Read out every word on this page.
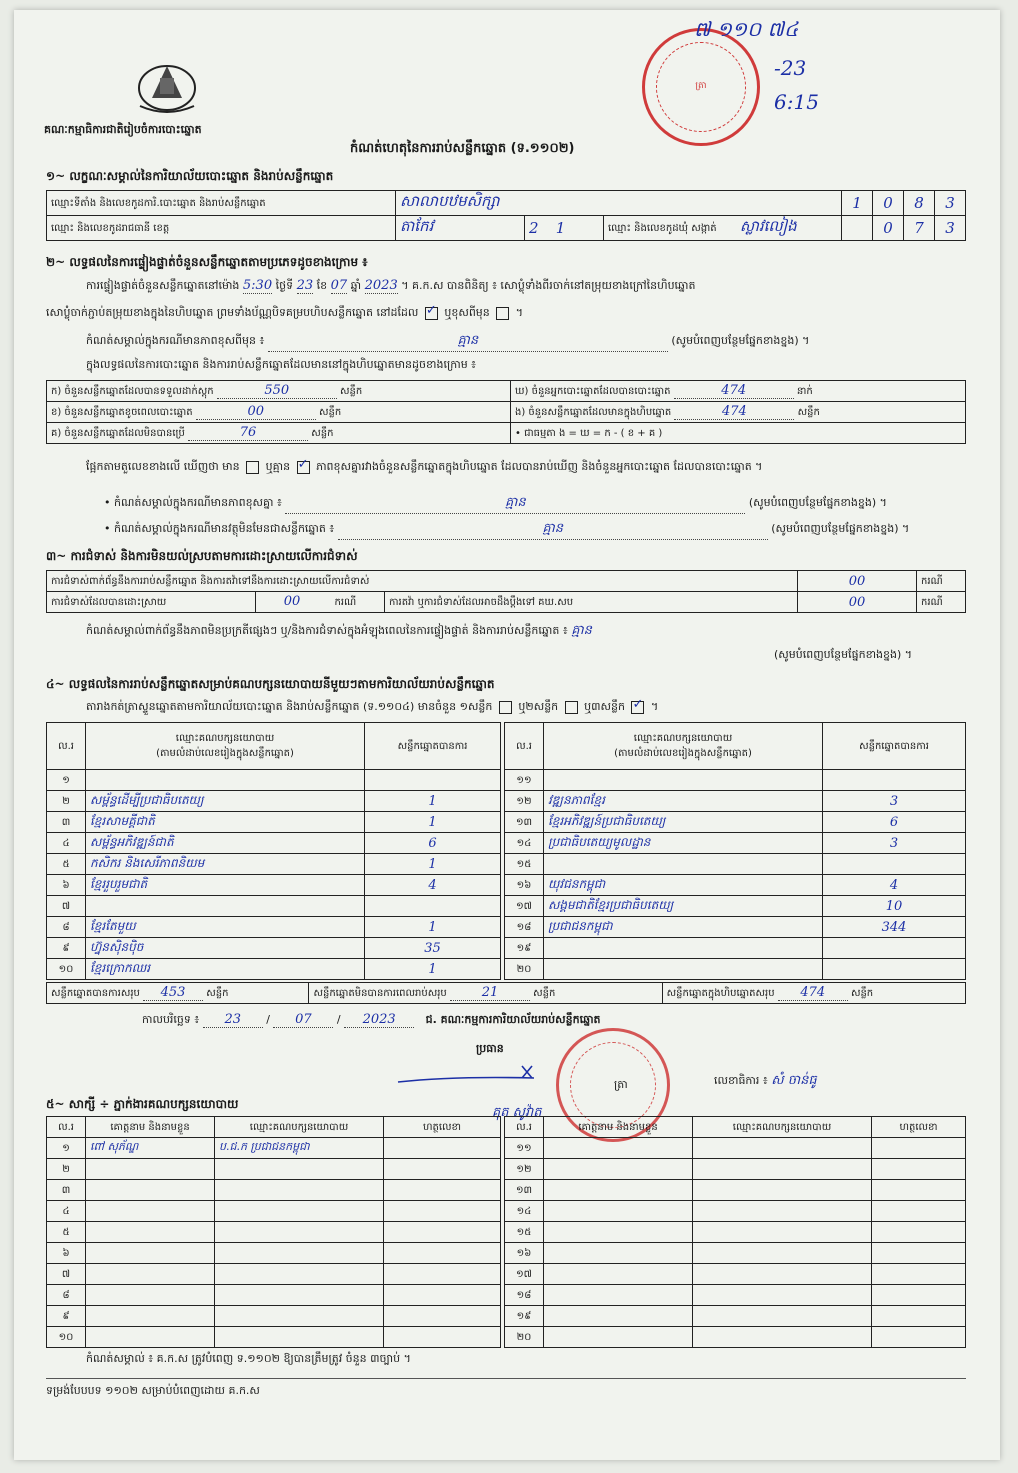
គណៈកម្មាធិការជាតិរៀបចំការបោះឆ្នោត
ត្រា
៧ ១១០ ៧៤
-23
6:15
កំណត់ហេតុនៃការរាប់សន្លឹកឆ្នោត (ទ.១១០២)
១~ លក្ខណៈសម្គាល់នៃការិយាល័យបោះឆ្នោត និងរាប់សន្លឹកឆ្នោត
ឈ្មោះទីតាំង និងលេខកូដការិ.បោះឆ្នោត និងរាប់សន្លឹកឆ្នោត	សាលាបឋមសិក្សា			1	0	8	3
ឈ្មោះ និងលេខកូដរាជធានី ខេត្ត	តាកែវ	2 1	ឈ្មោះ និងលេខកូដឃុំ សង្កាត់ ស្លាវលៀង		0	7	3
២~ លទ្ធផលនៃការផ្ទៀងផ្ទាត់ចំនួនសន្លឹកឆ្នោតតាមប្រភេទដូចខាងក្រោម ៖
ការផ្ទៀងផ្ទាត់ចំនួនសន្លឹកឆ្នោតនៅម៉ោង 5:30 ថ្ងៃទី 23 ខែ 07 ឆ្នាំ 2023 ។ គ.ក.ស បានពិនិត្យ ៖ សោប្លុំទាំងពីរចាក់នៅតម្រុយខាងក្រៅនៃហិបឆ្នោត
សោប្លុំចាក់ភ្ជាប់តម្រុយខាងក្នុងនៃហិបឆ្នោត ព្រមទាំងប័ណ្ណបិទគម្របហិបសន្លឹកឆ្នោត នៅដដែល ✓ ឬខុសពីមុន  ។
កំណត់សម្គាល់ក្នុងករណីមានភាពខុសពីមុន ៖	គ្មាន	(សូមបំពេញបន្ថែមផ្នែកខាងខ្នង) ។
ក្នុងលទ្ធផលនៃការបោះឆ្នោត និងការរាប់សន្លឹកឆ្នោតដែលមាននៅក្នុងហិបឆ្នោតមានដូចខាងក្រោម ៖
ក) ចំនួនសន្លឹកឆ្នោតដែលបានទទួលដាក់ស្តុក 550 សន្លឹក	ឃ) ចំនួនអ្នកបោះឆ្នោតដែលបានបោះឆ្នោត 474 នាក់
ខ) ចំនួនសន្លឹកឆ្នោតខូចពេលបោះឆ្នោត 00 សន្លឹក	ង) ចំនួនសន្លឹកឆ្នោតដែលមានក្នុងហិបឆ្នោត 474 សន្លឹក
គ) ចំនួនសន្លឹកឆ្នោតដែលមិនបានប្រើ 76 សន្លឹក	• ជាធម្មតា ង = ឃ = ក - ( ខ + គ )
ផ្អែកតាមតួលេខខាងលើ ឃើញថា មាន ឬគ្មាន ✓ ភាពខុសគ្នារវាងចំនួនសន្លឹកឆ្នោតក្នុងហិបឆ្នោត ដែលបានរាប់ឃើញ និងចំនួនអ្នកបោះឆ្នោត ដែលបានបោះឆ្នោត ។
• កំណត់សម្គាល់ក្នុងករណីមានភាពខុសគ្នា ៖	គ្មាន	(សូមបំពេញបន្ថែមផ្នែកខាងខ្នង) ។
• កំណត់សម្គាល់ក្នុងករណីមានវត្ថុមិនមែនជាសន្លឹកឆ្នោត ៖	គ្មាន	(សូមបំពេញបន្ថែមផ្នែកខាងខ្នង) ។
៣~ ការជំទាស់ និងការមិនយល់ស្របតាមការដោះស្រាយលើការជំទាស់
ការជំទាស់ពាក់ព័ន្ធនឹងការរាប់សន្លឹកឆ្នោត និងការតវ៉ាទៅនឹងការដោះស្រាយលើការជំទាស់			00	ករណី
ការជំទាស់ដែលបានដោះស្រាយ	00 ករណី	ការតវ៉ា ឬការជំទាស់ដែលអាចដឹងប្តឹងទៅ គឃ.សប	00	ករណី
កំណត់សម្គាល់ពាក់ព័ន្ធនឹងភាពមិនប្រក្រតីផ្សេងៗ ឬ/និងការជំទាស់ក្នុងអំឡុងពេលនៃការផ្ទៀងផ្ទាត់ និងការរាប់សន្លឹកឆ្នោត ៖ គ្មាន
(សូមបំពេញបន្ថែមផ្នែកខាងខ្នង) ។
៤~ លទ្ធផលនៃការរាប់សន្លឹកឆ្នោតសម្រាប់គណបក្សនយោបាយនីមួយៗតាមការិយាល័យរាប់សន្លឹកឆ្នោត
តារាងកត់ត្រាស្ទួនឆ្នោតតាមការិយាល័យបោះឆ្នោត និងរាប់សន្លឹកឆ្នោត (ទ.១១០៤) មានចំនួន ១សន្លឹក ឬ២សន្លឹក ឬ៣សន្លឹក ✓ ។
ល.រ	ឈ្មោះគណបក្សនយោបាយ
(តាមលំដាប់លេខរៀងក្នុងសន្លឹកឆ្នោត)	សន្លឹកឆ្នោតបានការ
១		
២	សម្ព័ន្ធដើម្បីប្រជាធិបតេយ្យ	1
៣	ខ្មែរសាមគ្គីជាតិ	1
៤	សម្ព័ន្ធអភិវឌ្ឍន៍ជាតិ	6
៥	កសិករ និងសេរីភាពនិយម	1
៦	ខ្មែររួបរួមជាតិ	4
៧		
៨	ខ្មែរតែមួយ	1
៩	ហ្វ៊ុនស៊ិនប៉ិច	35
១០	ខ្មែរក្រោកឈរ	1
ល.រ	ឈ្មោះគណបក្សនយោបាយ
(តាមលំដាប់លេខរៀងក្នុងសន្លឹកឆ្នោត)	សន្លឹកឆ្នោតបានការ
១១		
១២	វឌ្ឍនភាពខ្មែរ	3
១៣	ខ្មែរអភិវឌ្ឍន៍ប្រជាធិបតេយ្យ	6
១៤	ប្រជាធិបតេយ្យមូលដ្ឋាន	3
១៥		
១៦	យុវជនកម្ពុជា	4
១៧	សង្គមជាតិខ្មែរប្រជាធិបតេយ្យ	10
១៨	ប្រជាជនកម្ពុជា	344
១៩		
២០		
សន្លឹកឆ្នោតបានការសរុប 453 សន្លឹក	សន្លឹកឆ្នោតមិនបានការពេលរាប់សរុប	21	សន្លឹក	សន្លឹកឆ្នោតក្នុងហិបឆ្នោតសរុប 474	សន្លឹក
កាលបរិច្ឆេទ ៖ 23 / 07 / 2023	ជ. គណៈកម្មការការិយាល័យរាប់សន្លឹកឆ្នោត
ប្រធាន
ត្រា	លេខាធិការ ៖ សំ ចាន់ធូ
គុត សូវ៉ាត
៥~ សាក្សី ÷ ភ្នាក់ងារគណបក្សនយោបាយ
ល.រ	គោត្តនាម និងនាមខ្លួន	ឈ្មោះគណបក្សនយោបាយ	ហត្ថលេខា
១	ពៅ សុភ័ណ្ឌ	ប.ជ.ក ប្រជាជនកម្ពុជា	
២			
៣			
៤			
៥			
៦			
៧			
៨			
៩			
១០			
ល.រ	គោត្តនាម និងនាមខ្លួន	ឈ្មោះគណបក្សនយោបាយ	ហត្ថលេខា
១១			
១២			
១៣			
១៤			
១៥			
១៦			
១៧			
១៨			
១៩			
២០			
កំណត់សម្គាល់ ៖ គ.ក.ស ត្រូវបំពេញ ទ.១១០២ ឱ្យបានត្រឹមត្រូវ ចំនួន ៣ច្បាប់ ។
ទម្រង់បែបបទ ១១០២ សម្រាប់បំពេញដោយ គ.ក.ស
